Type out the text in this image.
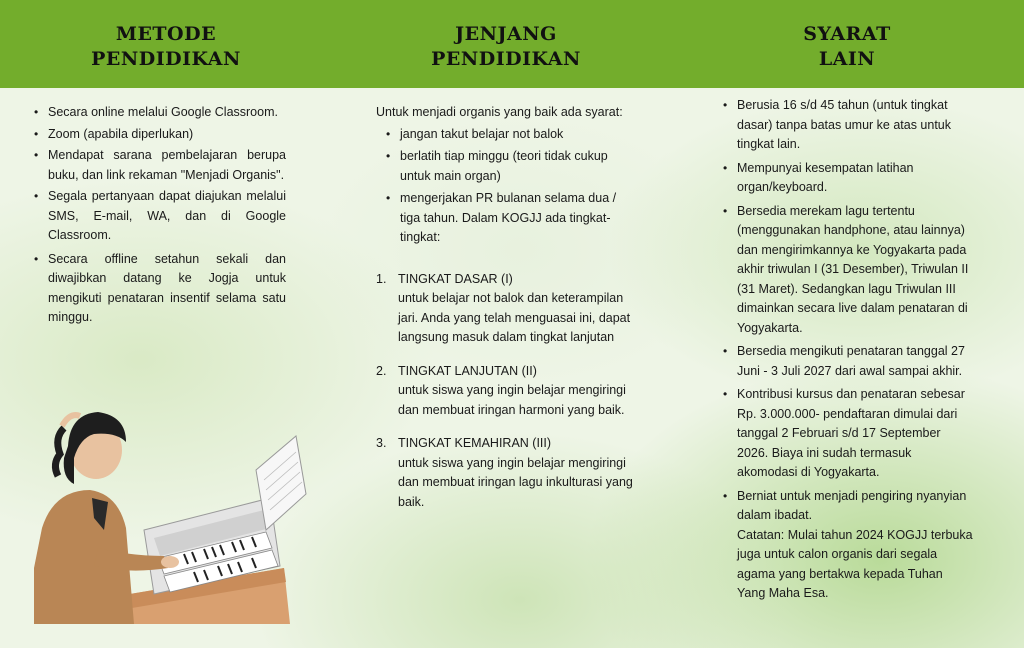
METODE
PENDIDIKAN
JENJANG
PENDIDIKAN
SYARAT
LAIN
• Secara online melalui Google Classroom.
• Zoom (apabila diperlukan)
• Mendapat sarana pembelajaran berupa buku, dan link rekaman "Menjadi Organis".
• Segala pertanyaan dapat diajukan melalui SMS, E-mail, WA, dan di Google Classroom.
• Secara offline setahun sekali dan diwajibkan datang ke Jogja untuk mengikuti penataran insentif selama satu minggu.
Untuk menjadi organis yang baik ada syarat:
• jangan takut belajar not balok
• berlatih tiap minggu (teori tidak cukup untuk main organ)
• mengerjakan PR bulanan selama dua / tiga tahun. Dalam KOGJJ ada tingkat-tingkat:
1. TINGKAT DASAR (I)
untuk belajar not balok dan keterampilan jari. Anda yang telah menguasai ini, dapat langsung masuk dalam tingkat lanjutan
2. TINGKAT LANJUTAN (II)
untuk siswa yang ingin belajar mengiringi dan membuat iringan harmoni yang baik.
3. TINGKAT KEMAHIRAN (III)
untuk siswa yang ingin belajar mengiringi dan membuat iringan lagu inkulturasi yang baik.
• Berusia 16 s/d 45 tahun (untuk tingkat dasar) tanpa batas umur ke atas untuk tingkat lain.
• Mempunyai kesempatan latihan organ/keyboard.
• Bersedia merekam lagu tertentu (menggunakan handphone, atau lainnya) dan mengirimkannya ke Yogyakarta pada akhir triwulan I (31 Desember), Triwulan II (31 Maret). Sedangkan lagu Triwulan III dimainkan secara live dalam penataran di Yogyakarta.
• Bersedia mengikuti penataran tanggal 27 Juni - 3 Juli 2027 dari awal sampai akhir.
• Kontribusi kursus dan penataran sebesar Rp. 3.000.000- pendaftaran dimulai dari tanggal 2 Februari s/d 17 September 2026. Biaya ini sudah termasuk akomodasi di Yogyakarta.
• Berniat untuk menjadi pengiring nyanyian dalam ibadat.
Catatan: Mulai tahun 2024 KOGJJ terbuka juga untuk calon organis dari segala agama yang bertakwa kepada Tuhan Yang Maha Esa.
